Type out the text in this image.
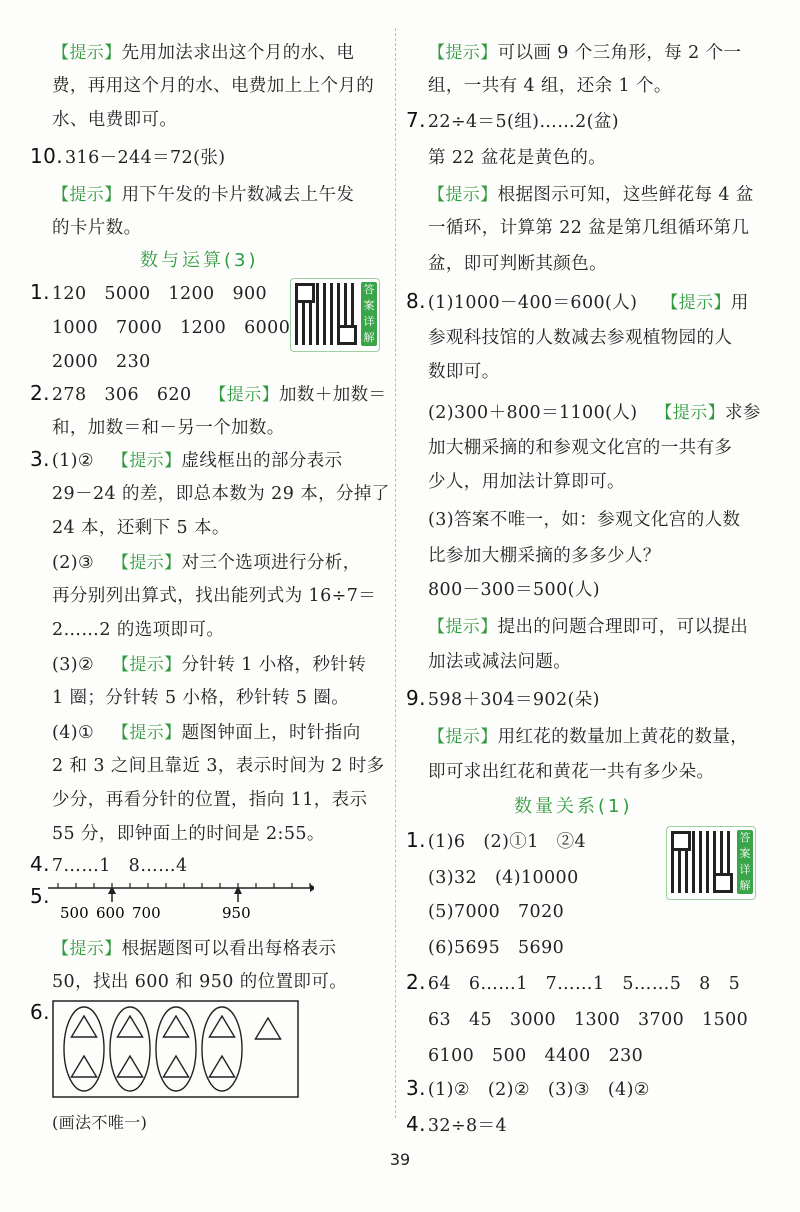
【提示】先用加法求出这个月的水、电
费，再用这个月的水、电费加上上个月的
水、电费即可。
10. 316－244＝72(张)
【提示】用下午发的卡片数减去上午发
的卡片数。
数与运算(3)
1. 120　5000　1200　900
1000　7000　1200　6000
2000　230
答案详解
2. 278　306　620　 【提示】加数＋加数＝
和，加数＝和－另一个加数。
3. (1)②　 【提示】虚线框出的部分表示
29－24 的差，即总本数为 29 本，分掉了
24 本，还剩下 5 本。
(2)③　 【提示】对三个选项进行分析，
再分别列出算式，找出能列式为 16÷7＝
2……2 的选项即可。
(3)②　 【提示】分针转 1 小格，秒针转
1 圈；分针转 5 小格，秒针转 5 圈。
(4)①　 【提示】题图钟面上，时针指向
2 和 3 之间且靠近 3，表示时间为 2 时多
少分，再看分针的位置，指向 11，表示
55 分，即钟面上的时间是 2:55。
4. 7……1　8……4
5.
500 600 700	950
【提示】根据题图可以看出每格表示
50，找出 600 和 950 的位置即可。
6.
(画法不唯一)
【提示】可以画 9 个三角形，每 2 个一
组，一共有 4 组，还余 1 个。
7. 22÷4＝5(组)……2(盆)
第 22 盆花是黄色的。
【提示】根据图示可知，这些鲜花每 4 盆
一循环，计算第 22 盆是第几组循环第几
盆，即可判断其颜色。
8. (1)1000－400＝600(人)　 【提示】用
参观科技馆的人数减去参观植物园的人
数即可。
(2)300＋800＝1100(人)　 【提示】求参
加大棚采摘的和参观文化宫的一共有多
少人，用加法计算即可。
(3)答案不唯一，如：参观文化宫的人数
比参加大棚采摘的多多少人？
800－300＝500(人)
【提示】提出的问题合理即可，可以提出
加法或减法问题。
9. 598＋304＝902(朵)
【提示】用红花的数量加上黄花的数量，
即可求出红花和黄花一共有多少朵。
数量关系(1)
1. (1)6　(2)①1　②4
(3)32　(4)10000
(5)7000　7020
(6)5695　5690
答案详解
2. 64　6……1　7……1　5……5　8　5
63　45　3000　1300　3700　1500
6100　500　4400　230
3. (1)②　(2)②　(3)③　(4)②
4. 32÷8＝4
39
